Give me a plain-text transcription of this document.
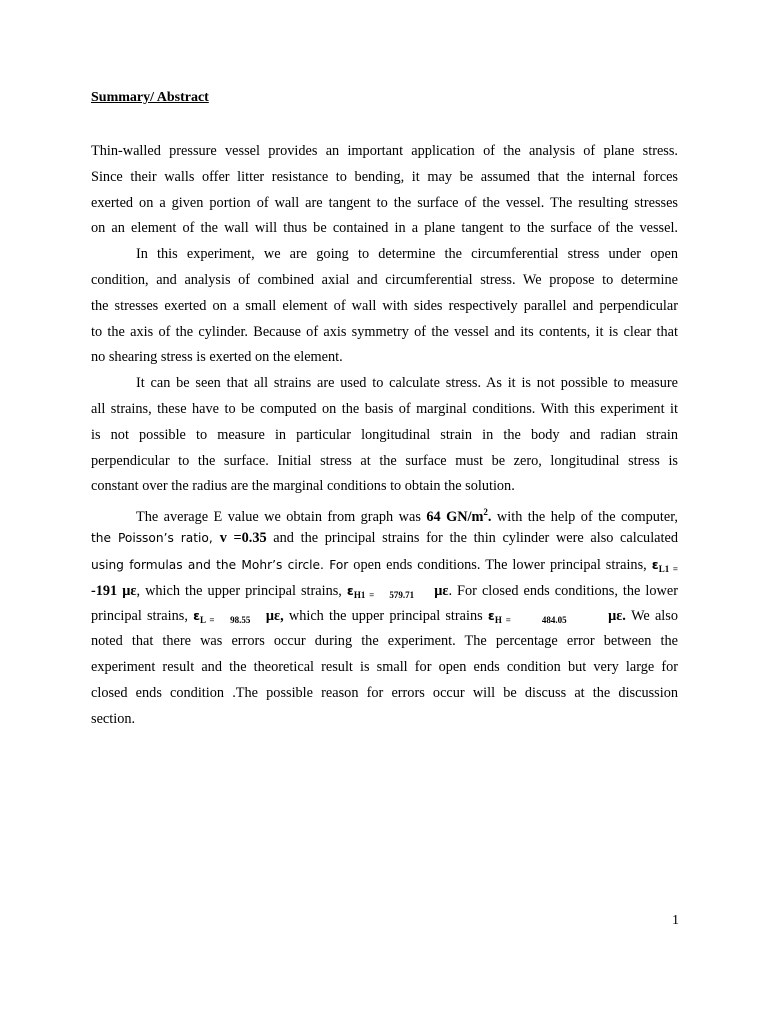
Summary/ Abstract
Thin-walled pressure vessel provides an important application of the analysis of plane stress.
Since their walls offer litter resistance to bending, it may be assumed that the internal forces
exerted on a given portion of wall are tangent to the surface of the vessel. The resulting stresses
on an element of the wall will thus be contained in a plane tangent to the surface of the vessel.
In this experiment, we are going to determine the circumferential stress under open
condition, and analysis of combined axial and circumferential stress. We propose to determine
the stresses exerted on a small element of wall with sides respectively parallel and perpendicular
to the axis of the cylinder. Because of axis symmetry of the vessel and its contents, it is clear that
no shearing stress is exerted on the element.
It can be seen that all strains are used to calculate stress. As it is not possible to measure
all strains, these have to be computed on the basis of marginal conditions. With this experiment it
is not possible to measure in particular longitudinal strain in the body and radian strain
perpendicular to the surface. Initial stress at the surface must be zero, longitudinal stress is
constant over the radius are the marginal conditions to obtain the solution.
The average E value we obtain from graph was 64 $GN/m^2$. with the help of the computer,
the Poisson’s ratio, v =0.35 and the principal strains for the thin cylinder were also calculated
using formulas and the Mohr’s circle. For open ends conditions. The lower principal strains, $\varepsilon_{L1 =}$
-191 με, which the upper principal strains, $\varepsilon_{H1 =}$ $_{579.71}$ με. For closed ends conditions, the lower
principal strains, $\varepsilon_{L =}$ $_{98.55}$ με, which the upper principal strains $\varepsilon_{H =}$	$_{484.05}$	με. We also
noted that there was errors occur during the experiment. The percentage error between the
experiment result and the theoretical result is small for open ends condition but very large for
closed ends condition .The possible reason for errors occur will be discuss at the discussion
section.
1
